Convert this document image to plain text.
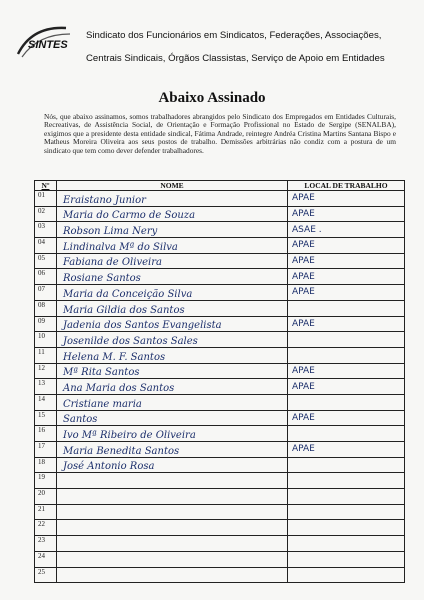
SINTES
Sindicato dos Funcionários em Sindicatos, Federações, Associações,
Centrais Sindicais, Órgãos Classistas, Serviço de Apoio em Entidades
Abaixo Assinado
Nós, que abaixo assinamos, somos trabalhadores abrangidos pelo Sindicato dos Empregados em Entidades Culturais, Recreativas, de Assistência Social, de Orientação e Formação Profissional no Estado de Sergipe (SENALBA), exigimos que a presidente desta entidade sindical, Fátima Andrade, reintegre Andréa Cristina Martins Santana Bispo e Matheus Moreira Oliveira aos seus postos de trabalho. Demissões arbitrárias não condiz com a postura de um sindicato que tem como dever defender trabalhadores.
Nº	NOME	LOCAL DE TRABALHO
01	Eraistano Junior	APAE
02	Maria do Carmo de Souza	APAE
03	Robson Lima Nery	ASAE .
04	Lindinalva Mª do Silva	APAE
05	Fabiana de Oliveira	APAE
06	Rosiane Santos	APAE
07	Maria da Conceição Silva	APAE
08	Maria Gildia dos Santos	
09	Jadenia dos Santos Evangelista	APAE
10	Josenilde dos Santos Sales	
11	Helena M. F. Santos	
12	Mª Rita Santos	APAE
13	Ana Maria dos Santos	APAE
14	Cristiane maria	
15	Santos	APAE
16	Ivo Mª Ribeiro de Oliveira	
17	Maria Benedita Santos	APAE
18	José Antonio Rosa	
19		
20		
21		
22		
23		
24		
25		
